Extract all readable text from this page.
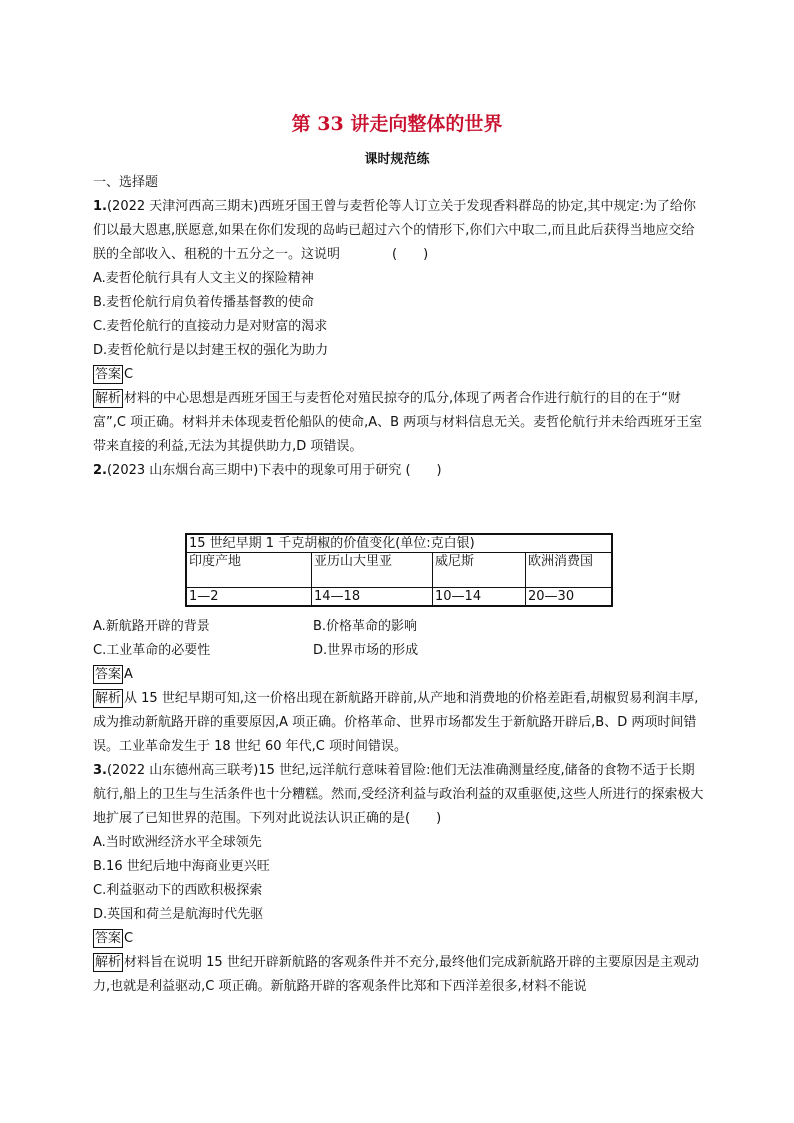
第 33 讲走向整体的世界
课时规范练

一、选择题

1.(2022 天津河西高三期末)西班牙国王曾与麦哲伦等人订立关于发现香料群岛的协定,其中规定:为了给你们以最大恩惠,朕愿意,如果在你们发现的岛屿已超过六个的情形下,你们六中取二,而且此后获得当地应交给朕的全部收入、租税的十五分之一。这说明　　　　(　　)

A.麦哲伦航行具有人文主义的探险精神

B.麦哲伦航行肩负着传播基督教的使命

C.麦哲伦航行的直接动力是对财富的渴求

D.麦哲伦航行是以封建王权的强化为助力

答案 C

解析 材料的中心思想是西班牙国王与麦哲伦对殖民掠夺的瓜分,体现了两者合作进行航行的目的在于“财富”,C 项正确。材料并未体现麦哲伦船队的使命,A、B 两项与材料信息无关。麦哲伦航行并未给西班牙王室带来直接的利益,无法为其提供助力,D 项错误。

2.(2023 山东烟台高三期中)下表中的现象可用于研究 (　　)

15 世纪早期 1 千克胡椒的价值变化(单位:克白银)			
印度产地	亚历山大里亚	威尼斯	欧洲消费国
1—2	14—18	10—14	20—30

A.新航路开辟的背景	B.价格革命的影响

C.工业革命的必要性	D.世界市场的形成

答案 A

解析 从 15 世纪早期可知,这一价格出现在新航路开辟前,从产地和消费地的价格差距看,胡椒贸易利润丰厚,成为推动新航路开辟的重要原因,A 项正确。价格革命、世界市场都发生于新航路开辟后,B、D 两项时间错误。工业革命发生于 18 世纪 60 年代,C 项时间错误。

3.(2022 山东德州高三联考)15 世纪,远洋航行意味着冒险:他们无法准确测量经度,储备的食物不适于长期航行,船上的卫生与生活条件也十分糟糕。然而,受经济利益与政治利益的双重驱使,这些人所进行的探索极大地扩展了已知世界的范围。下列对此说法认识正确的是(　　)

A.当时欧洲经济水平全球领先

B.16 世纪后地中海商业更兴旺

C.利益驱动下的西欧积极探索

D.英国和荷兰是航海时代先驱

答案 C

解析 材料旨在说明 15 世纪开辟新航路的客观条件并不充分,最终他们完成新航路开辟的主要原因是主观动力,也就是利益驱动,C 项正确。新航路开辟的客观条件比郑和下西洋差很多,材料不能说
